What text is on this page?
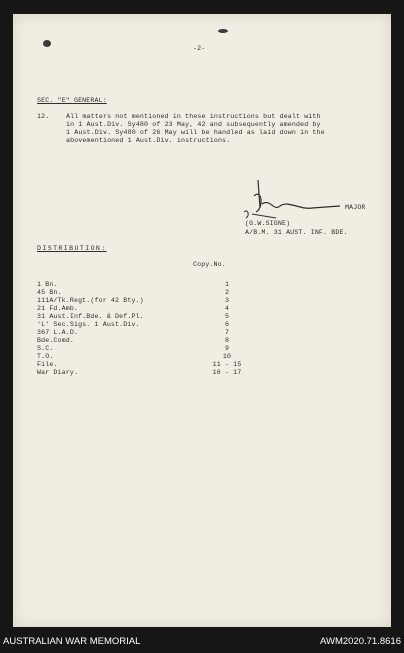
-2-
SEC. "E" GENERAL:
12.	All matters not mentioned in these instructions but dealt with
in 1 Aust.Div. Sy480 of 23 May, 42 and subsequently amended by
1 Aust.Div. Sy480 of 26 May will be handled as laid down in the
abovementioned 1 Aust.Div. instructions.
MAJOR
(G.W.SIGNE)
A/B.M. 31 AUST. INF. BDE.
DISTRIBUTION:
Copy.No.
1 Bn.	1
45 Bn.	2
111A/Tk.Regt.(for 42 Bty.)	3
21 Fd.Amb.	4
31 Aust.Inf.Bde. & Def.Pl.	5
'L' Sec.Sigs. 1 Aust.Div.	6
367 L.A.D.	7
Bde.Comd.	8
S.C.	9
T.O.	10
File.	11 - 15
War Diary.	16 - 17
AUSTRALIAN WAR MEMORIAL	AWM2020.71.8616
